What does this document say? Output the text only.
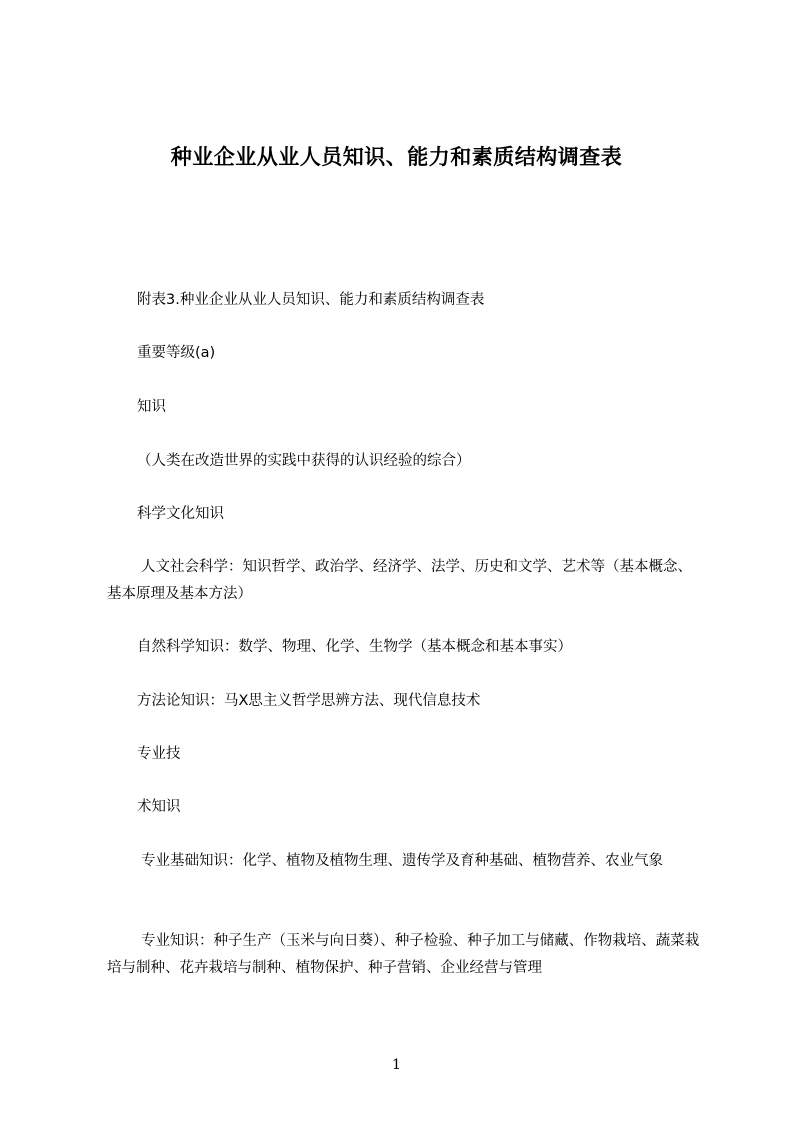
种业企业从业人员知识、能力和素质结构调查表

附表3.种业企业从业人员知识、能力和素质结构调查表

重要等级(a)

知识

（人类在改造世界的实践中获得的认识经验的综合）

科学文化知识

人文社会科学：知识哲学、政治学、经济学、法学、历史和文学、艺术等（基本概念、基本原理及基本方法）

自然科学知识：数学、物理、化学、生物学（基本概念和基本事实）

方法论知识：马X思主义哲学思辨方法、现代信息技术

专业技

术知识

专业基础知识：化学、植物及植物生理、遗传学及育种基础、植物营养、农业气象

专业知识：种子生产（玉米与向日葵）、种子检验、种子加工与储藏、作物栽培、蔬菜栽培与制种、花卉栽培与制种、植物保护、种子营销、企业经营与管理

1
